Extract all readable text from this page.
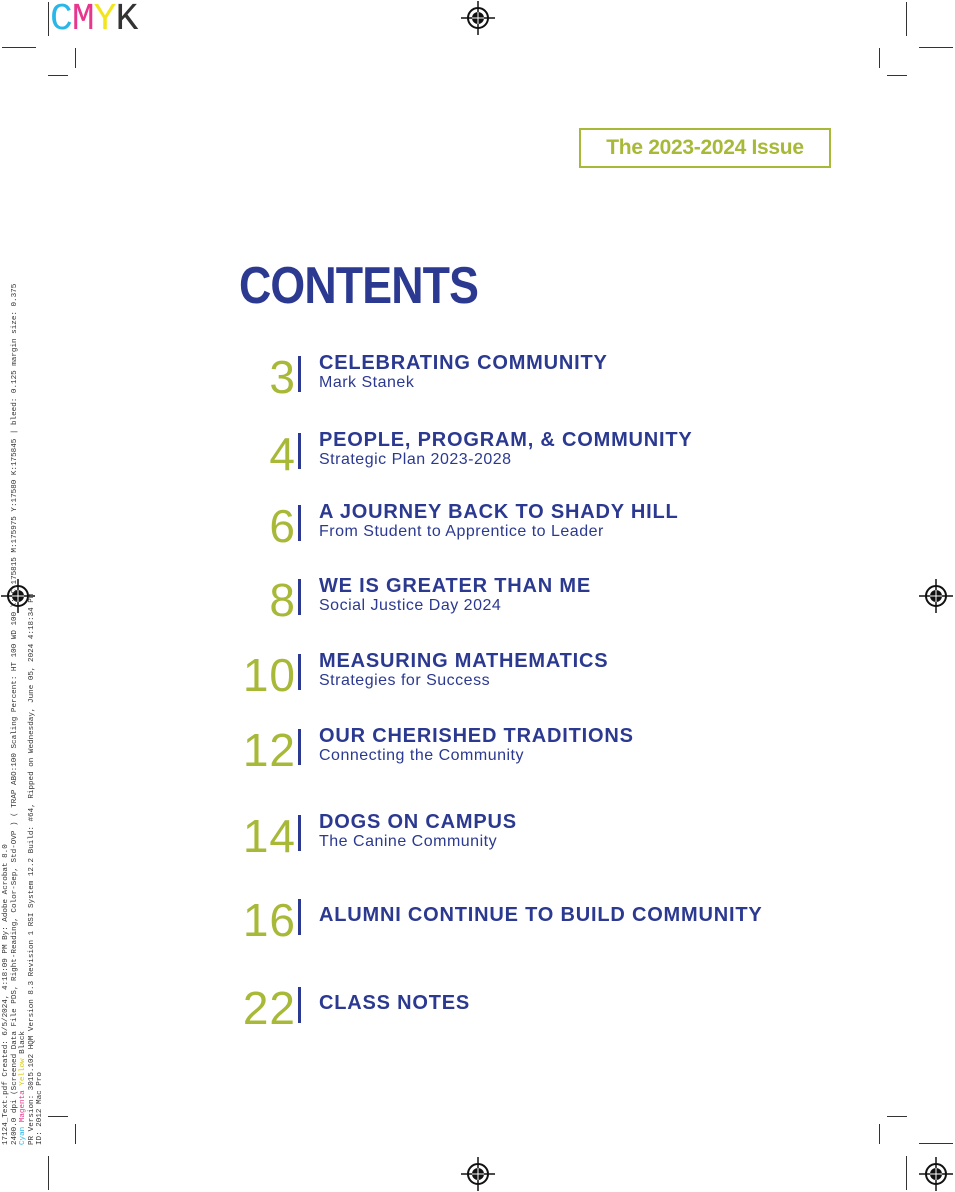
CMYK
17124_Text.pdf Created: 6/5/2024, 4:18:09 PM By: Adobe Acrobat 8.0 2400.0 dpi (Screened Data File PDS, Right-Reading, Color-Sep, Std-OVP ) ( TRAP ABO:100 Scaling Percent: HT 100 WD 100 \; C:175815 M:175975 Y:17580 K:175845 | bleed: 0.125 margin size: 0.375 Cyan Magenta Yellow Black PR Version: 3015.102 HQM Version 8.3 Revision 1 RSI System 12.2 Build: #64, Ripped on Wednesday, June 05, 2024 4:18:34 PM ID: 2012 Mac Pro
The 2023-2024 Issue
CONTENTS
3 CELEBRATING COMMUNITY
Mark Stanek
4 PEOPLE, PROGRAM, & COMMUNITY
Strategic Plan 2023-2028
6 A JOURNEY BACK TO SHADY HILL
From Student to Apprentice to Leader
8 WE IS GREATER THAN ME
Social Justice Day 2024
10 MEASURING MATHEMATICS
Strategies for Success
12 OUR CHERISHED TRADITIONS
Connecting the Community
14 DOGS ON CAMPUS
The Canine Community
16 ALUMNI CONTINUE TO BUILD COMMUNITY
22 CLASS NOTES
